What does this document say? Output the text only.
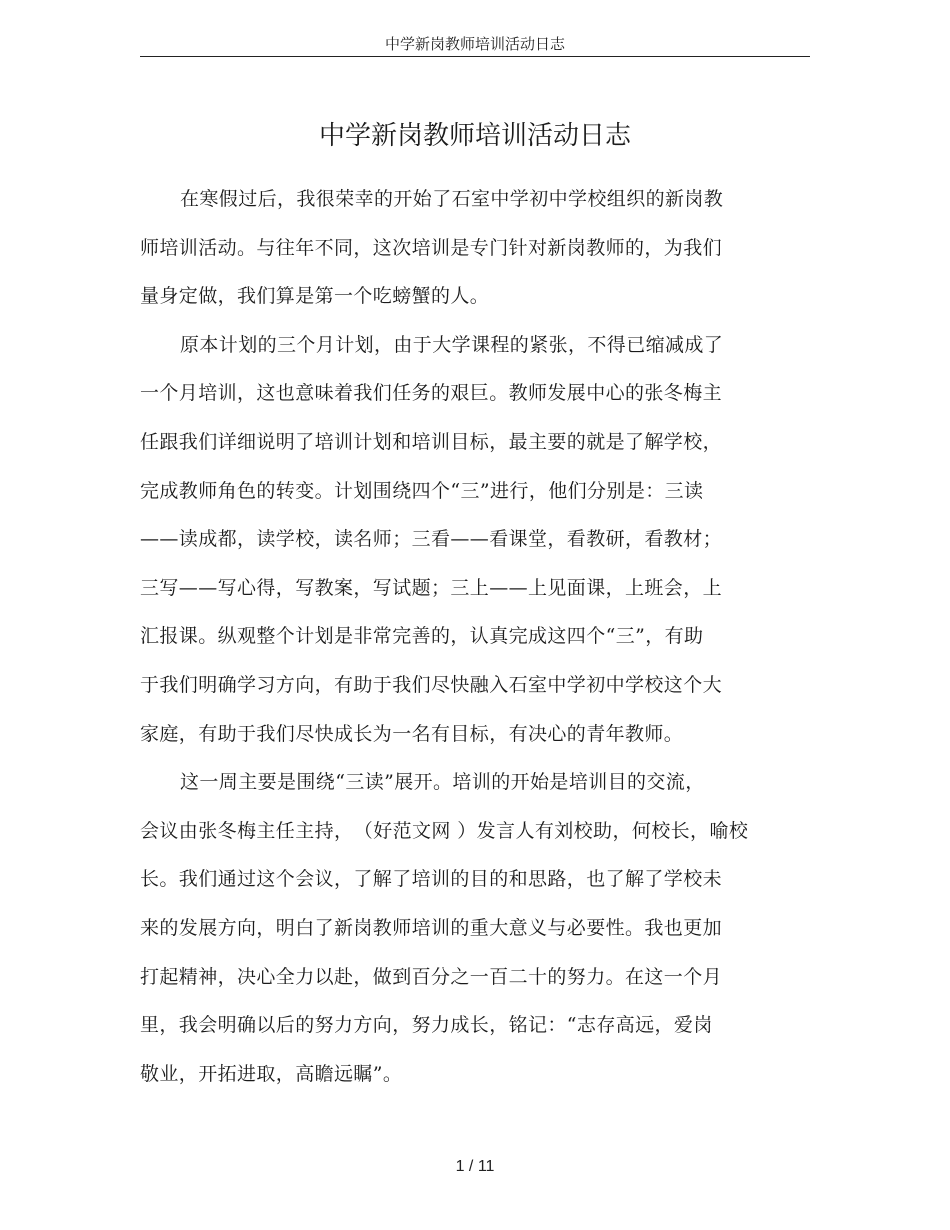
中学新岗教师培训活动日志
中学新岗教师培训活动日志
在寒假过后，我很荣幸的开始了石室中学初中学校组织的新岗教
师培训活动。与往年不同，这次培训是专门针对新岗教师的，为我们
量身定做，我们算是第一个吃螃蟹的人。
原本计划的三个月计划，由于大学课程的紧张，不得已缩减成了
一个月培训，这也意味着我们任务的艰巨。教师发展中心的张冬梅主
任跟我们详细说明了培训计划和培训目标，最主要的就是了解学校，
完成教师角色的转变。计划围绕四个“三”进行，他们分别是：三读
——读成都，读学校，读名师；三看——看课堂，看教研，看教材；
三写——写心得，写教案，写试题；三上——上见面课，上班会，上
汇报课。纵观整个计划是非常完善的，认真完成这四个“三”，有助
于我们明确学习方向，有助于我们尽快融入石室中学初中学校这个大
家庭，有助于我们尽快成长为一名有目标，有决心的青年教师。
这一周主要是围绕“三读”展开。培训的开始是培训目的交流，
会议由张冬梅主任主持，　（好范文网 ）发言人有刘校助，何校长，喻校
长。我们通过这个会议，了解了培训的目的和思路，也了解了学校未
来的发展方向，明白了新岗教师培训的重大意义与必要性。我也更加
打起精神，决心全力以赴，做到百分之一百二十的努力。在这一个月
里，我会明确以后的努力方向，努力成长，铭记：“志存高远，爱岗
敬业，开拓进取，高瞻远瞩”。
1 / 11
